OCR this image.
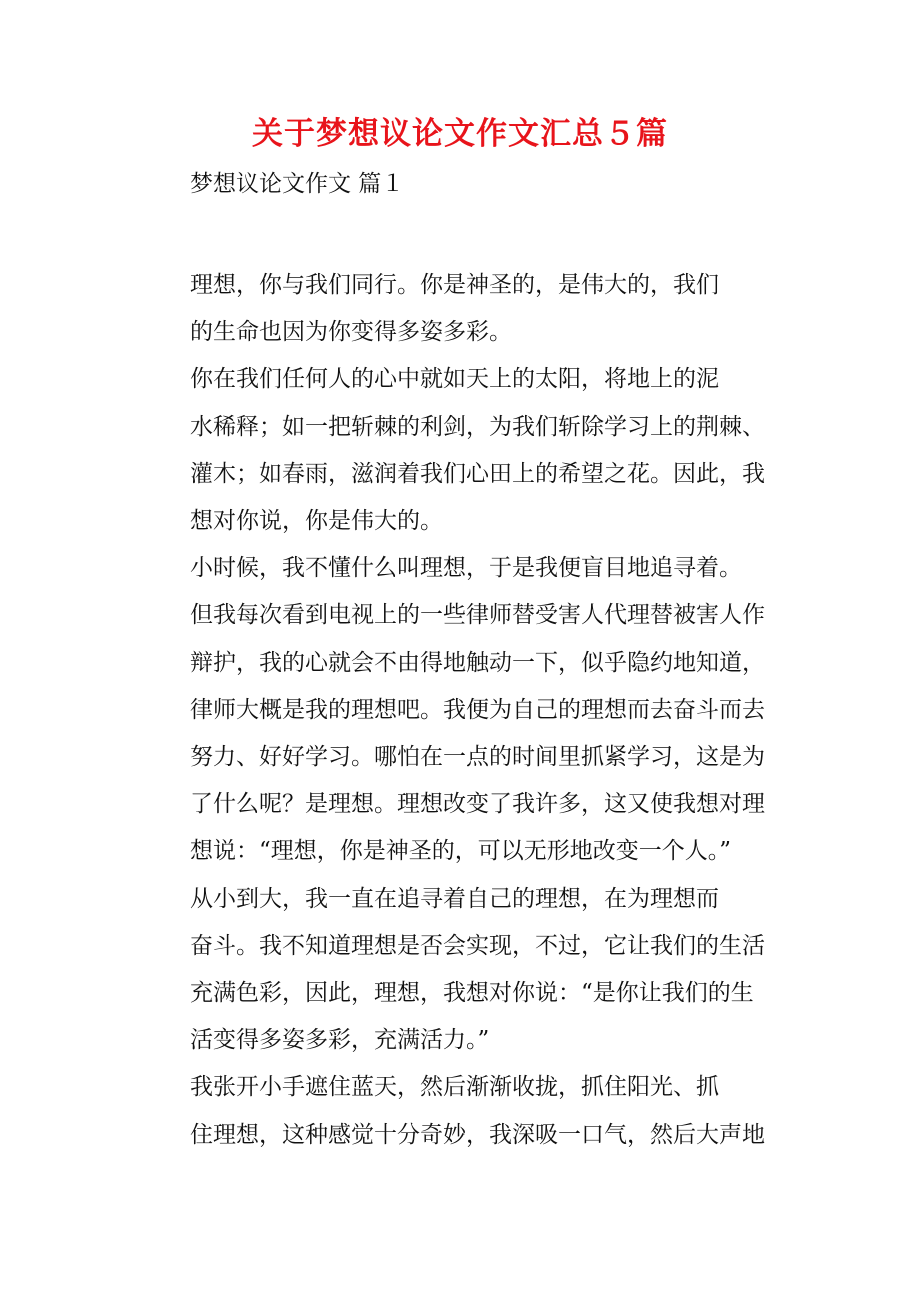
关于梦想议论文作文汇总５篇
梦想议论文作文 篇１

理想，你与我们同行。你是神圣的，是伟大的，我们
的生命也因为你变得多姿多彩。

你在我们任何人的心中就如天上的太阳，将地上的泥
水稀释；如一把斩棘的利剑，为我们斩除学习上的荆棘、
灌木；如春雨，滋润着我们心田上的希望之花。因此，我
想对你说，你是伟大的。

小时候，我不懂什么叫理想，于是我便盲目地追寻着。
但我每次看到电视上的一些律师替受害人代理替被害人作
辩护，我的心就会不由得地触动一下，似乎隐约地知道，
律师大概是我的理想吧。我便为自己的理想而去奋斗而去
努力、好好学习。哪怕在一点的时间里抓紧学习，这是为
了什么呢？是理想。理想改变了我许多，这又使我想对理
想说：“理想，你是神圣的，可以无形地改变一个人。”

从小到大，我一直在追寻着自己的理想，在为理想而
奋斗。我不知道理想是否会实现，不过，它让我们的生活
充满色彩，因此，理想，我想对你说：“是你让我们的生
活变得多姿多彩，充满活力。”

我张开小手遮住蓝天，然后渐渐收拢，抓住阳光、抓
住理想，这种感觉十分奇妙，我深吸一口气，然后大声地
